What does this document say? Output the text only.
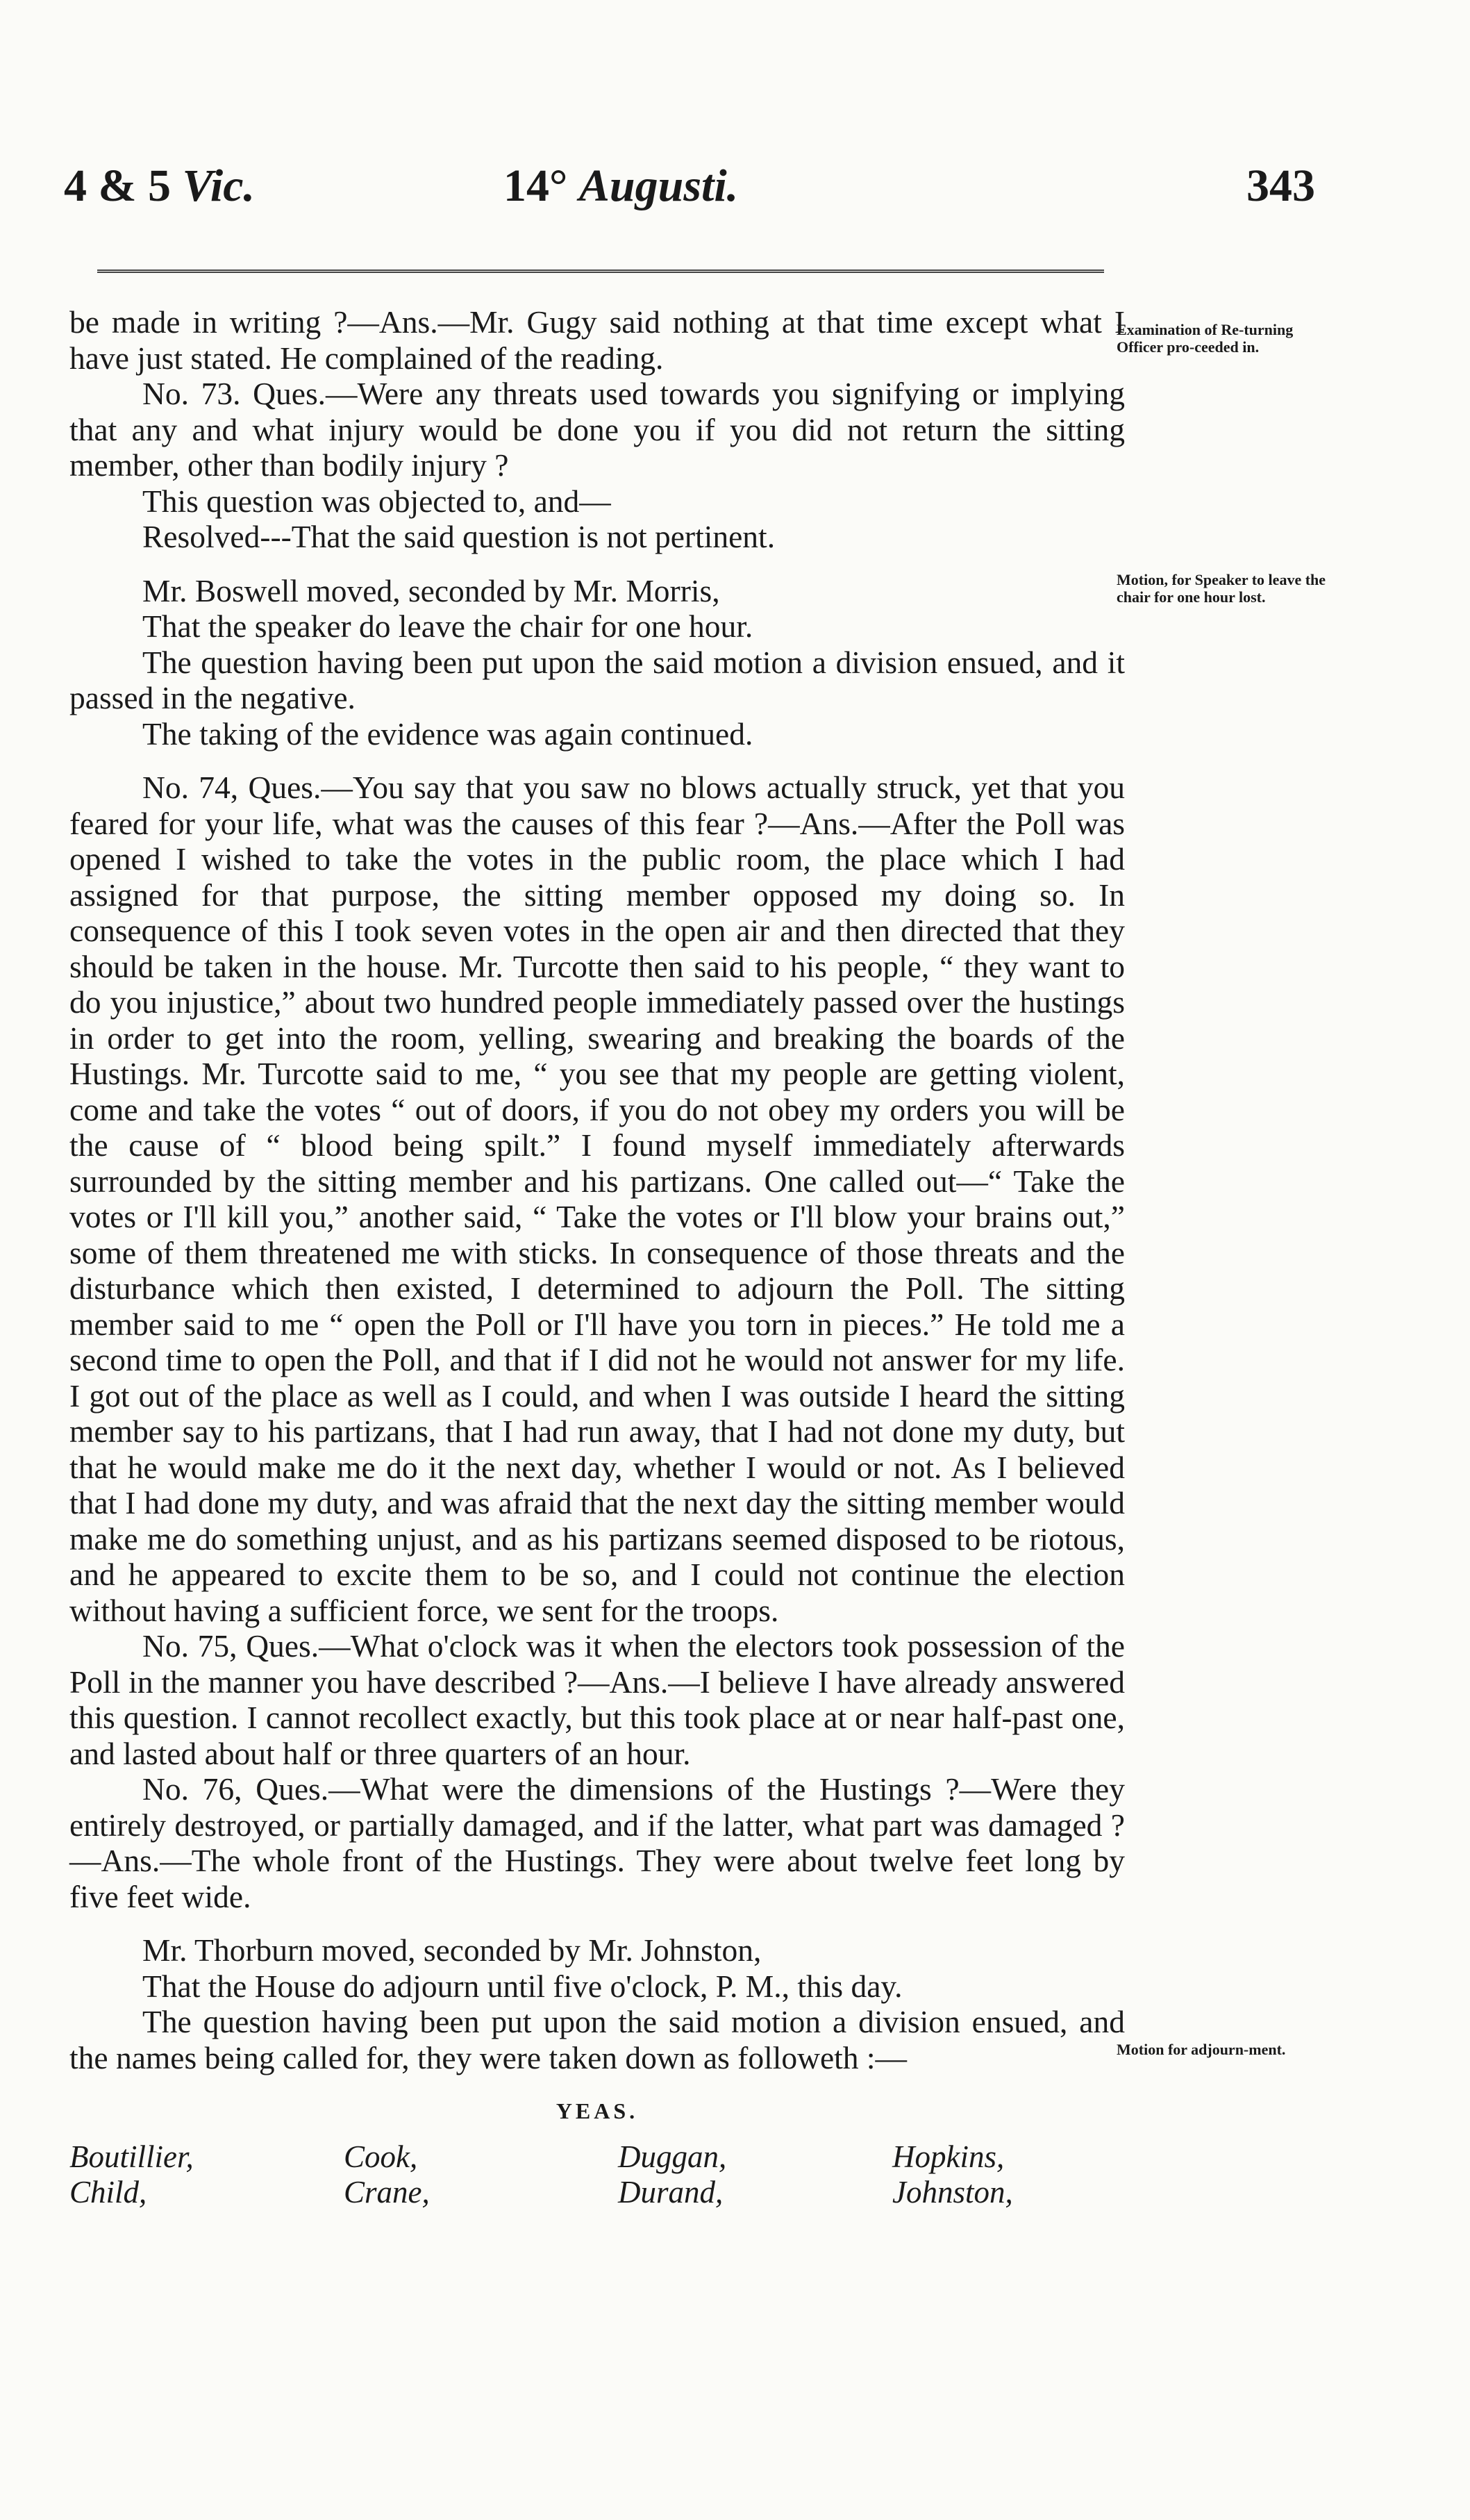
4 & 5 Vic.	14° Augusti.	343
Examination of Re-turning Officer pro-ceeded in.
Motion, for Speaker to leave the chair for one hour lost.
Motion for adjourn-ment.

be made in writing ?—Ans.—Mr. Gugy said nothing at that time except what I have just stated. He complained of the reading.

No. 73. Ques.—Were any threats used towards you signifying or implying that any and what injury would be done you if you did not return the sitting member, other than bodily injury ?

This question was objected to, and—

Resolved---That the said question is not pertinent.

Mr. Boswell moved, seconded by Mr. Morris,

That the speaker do leave the chair for one hour.

The question having been put upon the said motion a division ensued, and it passed in the negative.

The taking of the evidence was again continued.

No. 74, Ques.—You say that you saw no blows actually struck, yet that you feared for your life, what was the causes of this fear ?—Ans.—After the Poll was opened I wished to take the votes in the public room, the place which I had assigned for that purpose, the sitting member opposed my doing so. In consequence of this I took seven votes in the open air and then directed that they should be taken in the house. Mr. Turcotte then said to his people, “ they want to do you injustice,” about two hundred people immediately passed over the hustings in order to get into the room, yelling, swearing and breaking the boards of the Hustings. Mr. Turcotte said to me, “ you see that my people are getting violent, come and take the votes “ out of doors, if you do not obey my orders you will be the cause of “ blood being spilt.” I found myself immediately afterwards surrounded by the sitting member and his partizans. One called out—“ Take the votes or I'll kill you,” another said, “ Take the votes or I'll blow your brains out,” some of them threatened me with sticks. In consequence of those threats and the disturbance which then existed, I determined to adjourn the Poll. The sitting member said to me “ open the Poll or I'll have you torn in pieces.” He told me a second time to open the Poll, and that if I did not he would not answer for my life. I got out of the place as well as I could, and when I was outside I heard the sitting member say to his partizans, that I had run away, that I had not done my duty, but that he would make me do it the next day, whether I would or not. As I believed that I had done my duty, and was afraid that the next day the sitting member would make me do something unjust, and as his partizans seemed disposed to be riotous, and he appeared to excite them to be so, and I could not continue the election without having a sufficient force, we sent for the troops.

No. 75, Ques.—What o'clock was it when the electors took possession of the Poll in the manner you have described ?—Ans.—I believe I have already answered this question. I cannot recollect exactly, but this took place at or near half-past one, and lasted about half or three quarters of an hour.

No. 76, Ques.—What were the dimensions of the Hustings ?—Were they entirely destroyed, or partially damaged, and if the latter, what part was damaged ?—Ans.—The whole front of the Hustings. They were about twelve feet long by five feet wide.

Mr. Thorburn moved, seconded by Mr. Johnston,

That the House do adjourn until five o'clock, P. M., this day.

The question having been put upon the said motion a division ensued, and the names being called for, they were taken down as followeth :—

YEAS.

Boutillier,	Cook,	Duggan,	Hopkins,
Child,	Crane,	Durand,	Johnston,
